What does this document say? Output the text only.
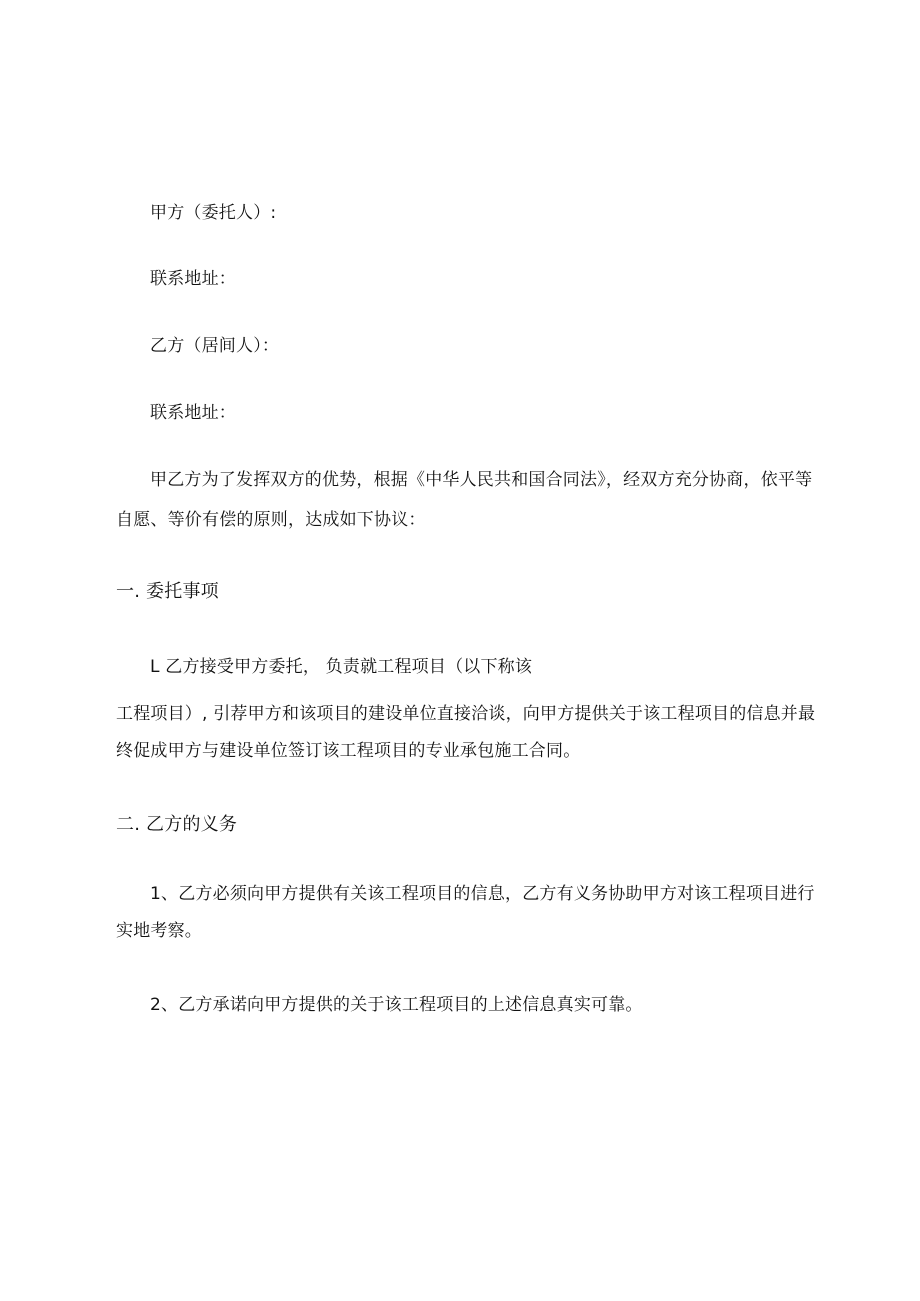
甲方（委托人）:
联系地址：
乙方（居间人）：
联系地址：
甲乙方为了发挥双方的优势，根据《中华人民共和国合同法》，经双方充分协商，依平等
自愿、等价有偿的原则，达成如下协议：
一. 委托事项
L 乙方接受甲方委托， 负责就工程项目（以下称该
工程项目）, 引荐甲方和该项目的建设单位直接洽谈，向甲方提供关于该工程项目的信息并最
终促成甲方与建设单位签订该工程项目的专业承包施工合同。
二. 乙方的义务
1、乙方必须向甲方提供有关该工程项目的信息，乙方有义务协助甲方对该工程项目进行
实地考察。
2、乙方承诺向甲方提供的关于该工程项目的上述信息真实可靠。
